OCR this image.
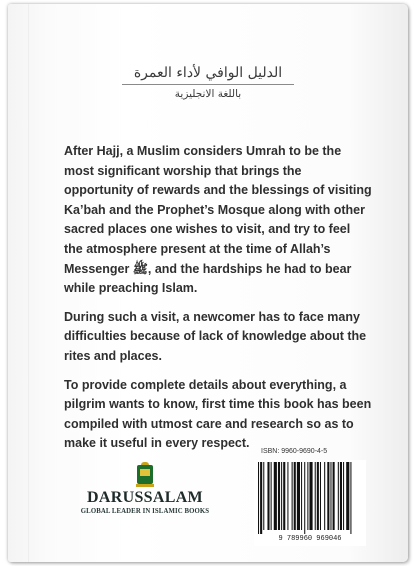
الدليل الوافي لأداء العمرة
باللغة الانجليزية

After Hajj, a Muslim considers Umrah to be the most significant worship that brings the opportunity of rewards and the blessings of visiting Ka’bah and the Prophet’s Mosque along with other sacred places one wishes to visit, and try to feel the atmosphere present at the time of Allah’s Messenger ﷺ, and the hardships he had to bear while preaching Islam.

During such a visit, a newcomer has to face many difficulties because of lack of knowledge about the rites and places.

To provide complete details about everything, a pilgrim wants to know, first time this book has been compiled with utmost care and research so as to make it useful in every respect.

DARUSSALAM
GLOBAL LEADER IN ISLAMIC BOOKS
ISBN: 9960-9690-4-5
9 789960 969046
